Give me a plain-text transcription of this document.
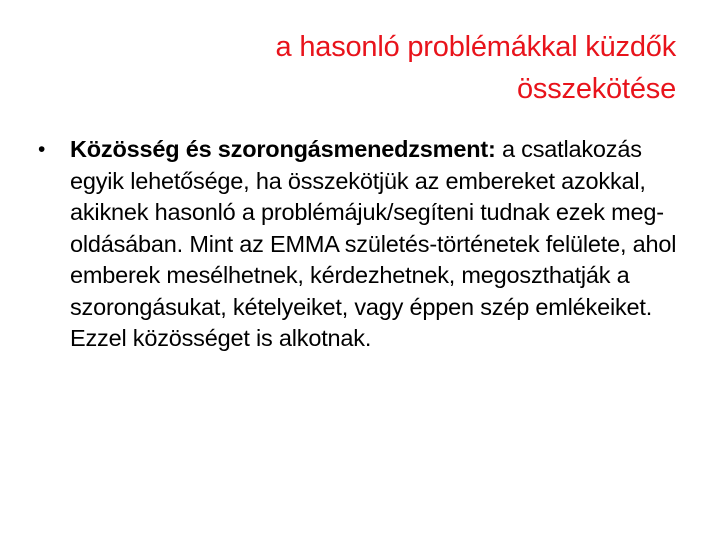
a hasonló problémákkal küzdők
összekötése
•	Közösség és szorongásmenedzsment: a csatlakozás egyik lehetősége, ha összekötjük az embereket azokkal, akiknek hasonló a problémájuk/segíteni tudnak ezek megoldásában. Mint az EMMA születés-történetek felülete, ahol emberek mesélhetnek, kérdezhetnek, megoszthatják a szorongásukat, kételyeiket, vagy éppen szép emlékeiket. Ezzel közösséget is alkotnak.
